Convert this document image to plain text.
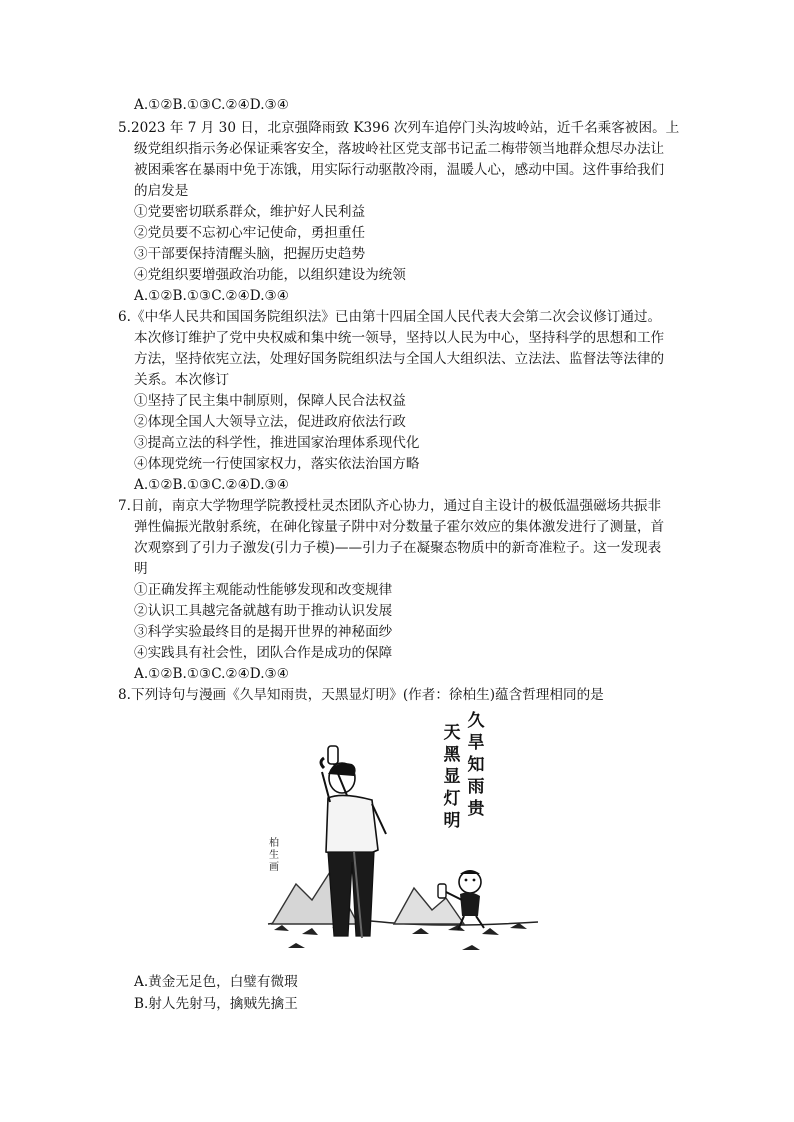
A.①②B.①③C.②④D.③④
5.2023 年 7 月 30 日，北京强降雨致 K396 次列车追停门头沟坡岭站，近千名乘客被困。上
级党组织指示务必保证乘客安全，落坡岭社区党支部书记孟二梅带领当地群众想尽办法让
被困乘客在暴雨中免于冻饿，用实际行动驱散冷雨，温暖人心，感动中国。这件事给我们
的启发是
①党要密切联系群众，维护好人民利益
②党员要不忘初心牢记使命，勇担重任
③干部要保持清醒头脑，把握历史趋势
④党组织要增强政治功能，以组织建设为统领
A.①②B.①③C.②④D.③④
6.《中华人民共和国国务院组织法》已由第十四届全国人民代表大会第二次会议修订通过。
本次修订维护了党中央权威和集中统一领导，坚持以人民为中心，坚持科学的思想和工作
方法，坚持依宪立法，处理好国务院组织法与全国人大组织法、立法法、监督法等法律的
关系。本次修订
①坚持了民主集中制原则，保障人民合法权益
②体现全国人大领导立法，促进政府依法行政
③提高立法的科学性，推进国家治理体系现代化
④体现党统一行使国家权力，落实依法治国方略
A.①②B.①③C.②④D.③④
7.日前，南京大学物理学院教授杜灵杰团队齐心协力，通过自主设计的极低温强磁场共振非
弹性偏振光散射系统，在砷化镓量子阱中对分数量子霍尔效应的集体激发进行了测量，首
次观察到了引力子激发(引力子模)——引力子在凝聚态物质中的新奇准粒子。这一发现表
明
①正确发挥主观能动性能够发现和改变规律
②认识工具越完备就越有助于推动认识发展
③科学实验最终目的是揭开世界的神秘面纱
④实践具有社会性，团队合作是成功的保障
A.①②B.①③C.②④D.③④
8.下列诗句与漫画《久旱知雨贵，天黑显灯明》(作者：徐柏生)蕴含哲理相同的是
久
旱
知
雨
贵
天
黑
显
灯
明
柏
生
画
A.黄金无足色，白璧有微瑕
B.射人先射马，擒贼先擒王
